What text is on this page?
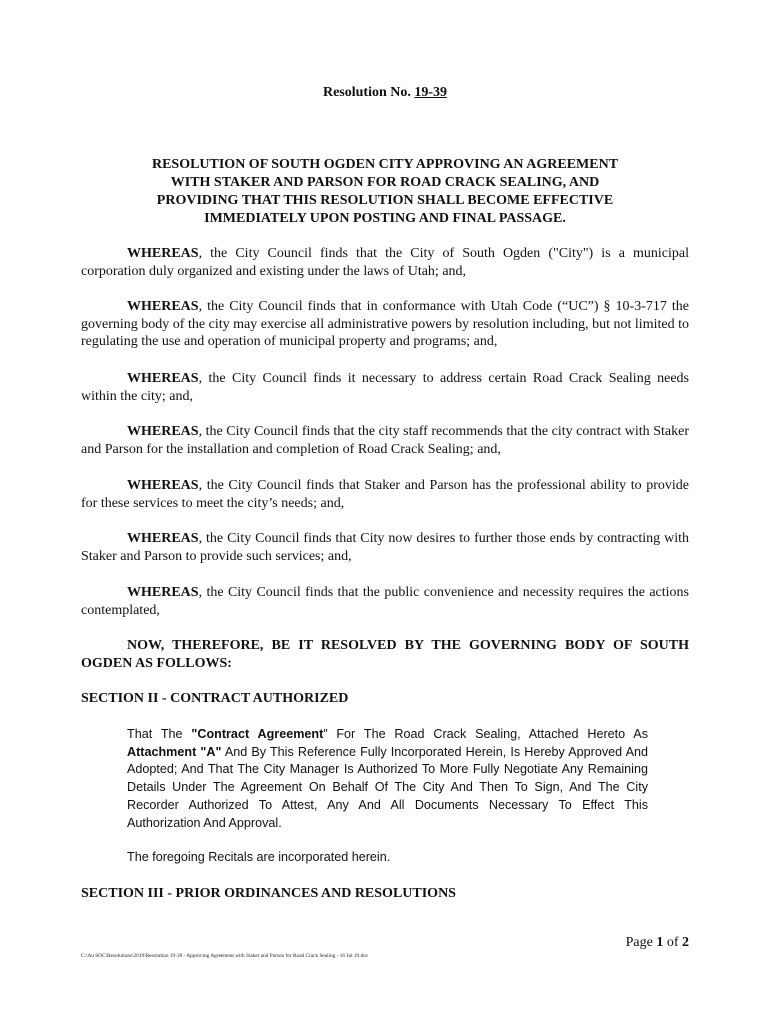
Resolution No. 19-39
RESOLUTION OF SOUTH OGDEN CITY APPROVING AN AGREEMENT
WITH STAKER AND PARSON FOR ROAD CRACK SEALING, AND
PROVIDING THAT THIS RESOLUTION SHALL BECOME EFFECTIVE
IMMEDIATELY UPON POSTING AND FINAL PASSAGE.
WHEREAS, the City Council finds that the City of South Ogden ("City") is a municipal corporation duly organized and existing under the laws of Utah; and,
WHEREAS, the City Council finds that in conformance with Utah Code (“UC”) § 10-3-717 the governing body of the city may exercise all administrative powers by resolution including, but not limited to regulating the use and operation of municipal property and programs; and,
WHEREAS, the City Council finds it necessary to address certain Road Crack Sealing needs within the city; and,
WHEREAS, the City Council finds that the city staff recommends that the city contract with Staker and Parson for the installation and completion of Road Crack Sealing; and,
WHEREAS, the City Council finds that Staker and Parson has the professional ability to provide for these services to meet the city’s needs; and,
WHEREAS, the City Council finds that City now desires to further those ends by contracting with Staker and Parson to provide such services; and,
WHEREAS, the City Council finds that the public convenience and necessity requires the actions contemplated,
NOW, THEREFORE, BE IT RESOLVED BY THE GOVERNING BODY OF SOUTH OGDEN AS FOLLOWS:
SECTION II - CONTRACT AUTHORIZED
That The "Contract Agreement” For The Road Crack Sealing, Attached Hereto As Attachment "A" And By This Reference Fully Incorporated Herein, Is Hereby Approved And Adopted; And That The City Manager Is Authorized To More Fully Negotiate Any Remaining Details Under The Agreement On Behalf Of The City And Then To Sign, And The City Recorder Authorized To Attest, Any And All Documents Necessary To Effect This Authorization And Approval.
The foregoing Recitals are incorporated herein.
SECTION III - PRIOR ORDINANCES AND RESOLUTIONS
Page 1 of 2
C:\Au SOC\Resolutions\2019\Resolution 19-39 - Approving Agreement with Staker and Parson for Road Crack Sealing - 16 Jul 19.doc
